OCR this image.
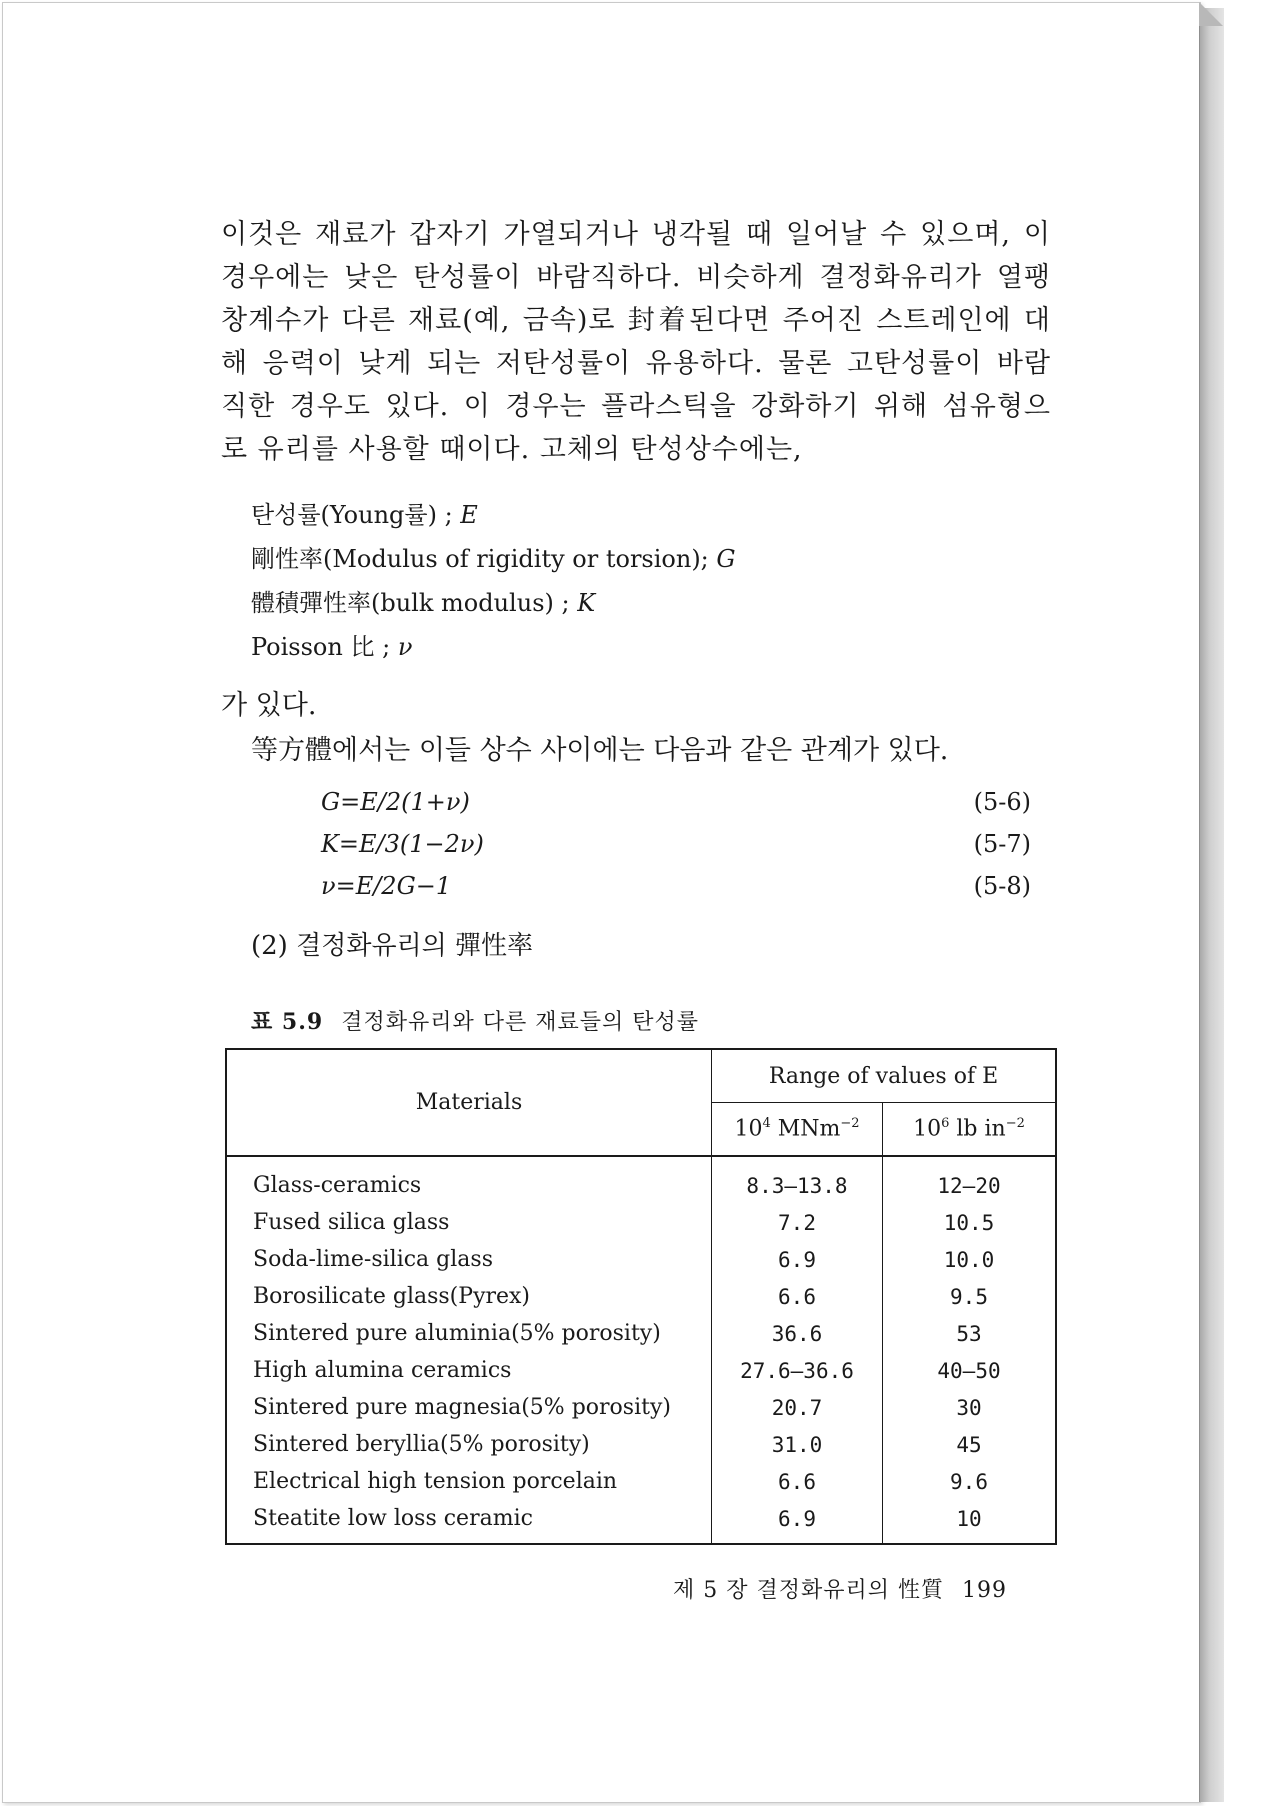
이것은 재료가 갑자기 가열되거나 냉각될 때 일어날 수 있으며, 이
경우에는 낮은 탄성률이 바람직하다. 비슷하게 결정화유리가 열팽
창계수가 다른 재료(예, 금속)로 封着된다면 주어진 스트레인에 대
해 응력이 낮게 되는 저탄성률이 유용하다. 물론 고탄성률이 바람
직한 경우도 있다. 이 경우는 플라스틱을 강화하기 위해 섬유형으
로 유리를 사용할 때이다. 고체의 탄성상수에는,
탄성률(Young률) ; E
剛性率(Modulus of rigidity or torsion); G
體積彈性率(bulk modulus) ; K
Poisson 比 ; ν
가 있다.
等方體에서는 이들 상수 사이에는 다음과 같은 관계가 있다.
G=E/2(1+ν)	(5-6)
K=E/3(1−2ν)	(5-7)
ν=E/2G−1	(5-8)
(2) 결정화유리의 彈性率
표 5.9 결정화유리와 다른 재료들의 탄성률
Materials	Range of values of E	
	$10^4$ MNm$^{-2}$	$10^6$ lb $in^{-2}$
Glass-ceramics	8.3—13.8	12—20
Fused silica glass	7.2	10.5
Soda-lime-silica glass	6.9	10.0
Borosilicate glass(Pyrex)	6.6	9.5
Sintered pure aluminia(5% porosity)	36.6	53
High alumina ceramics	27.6—36.6	40—50
Sintered pure magnesia(5% porosity)	20.7	30
Sintered beryllia(5% porosity)	31.0	45
Electrical high tension porcelain	6.6	9.6
Steatite low loss ceramic	6.9	10
제 5 장 결정화유리의 性質 199
